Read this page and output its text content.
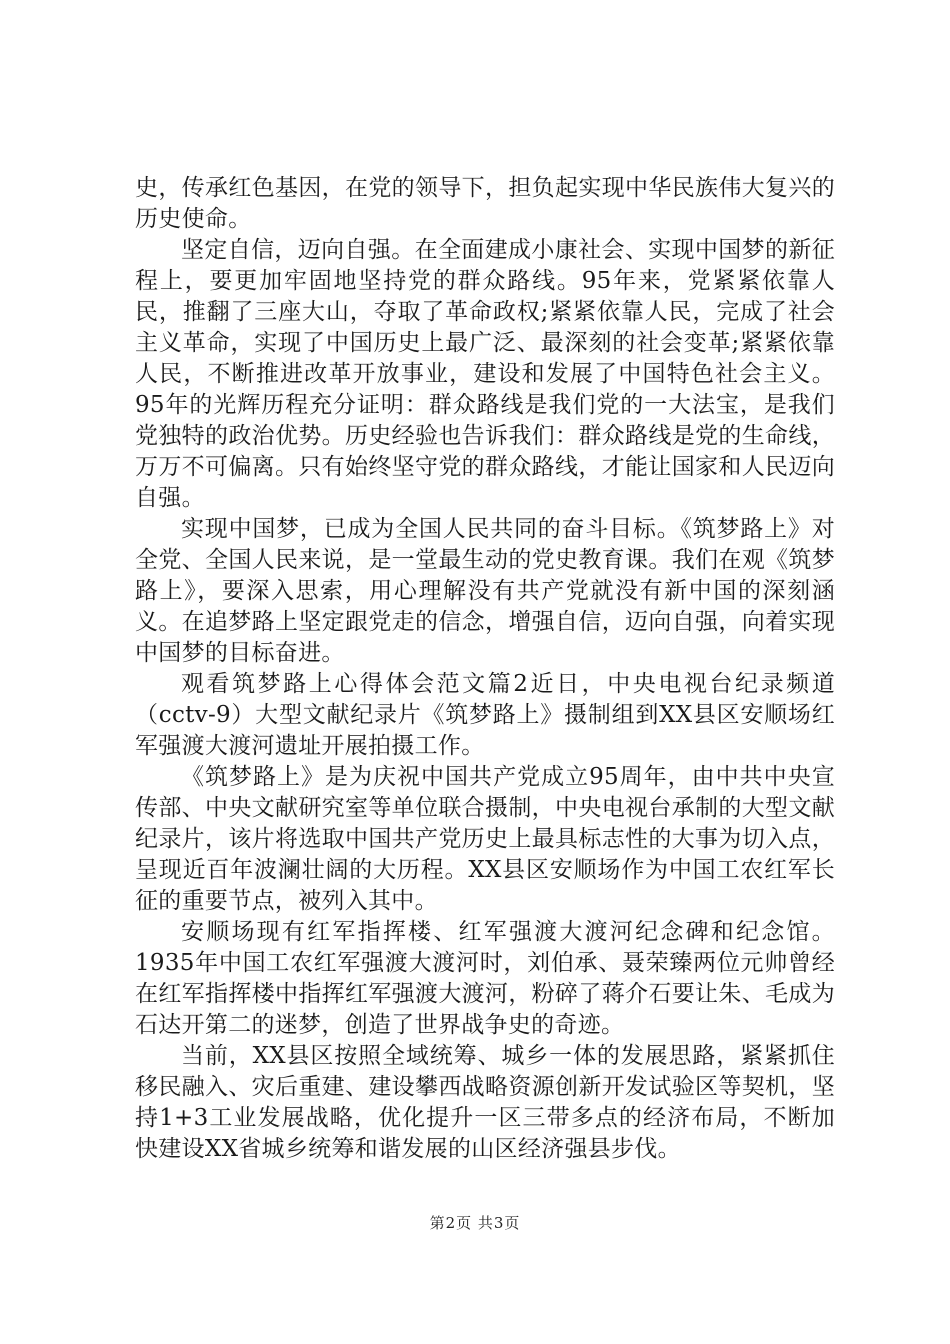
史，传承红色基因，在党的领导下，担负起实现中华民族伟大复兴的历史使命。

坚定自信，迈向自强。在全面建成小康社会、实现中国梦的新征程上，要更加牢固地坚持党的群众路线。95年来，党紧紧依靠人民，推翻了三座大山，夺取了革命政权;紧紧依靠人民，完成了社会主义革命，实现了中国历史上最广泛、最深刻的社会变革;紧紧依靠人民，不断推进改革开放事业，建设和发展了中国特色社会主义。95年的光辉历程充分证明：群众路线是我们党的一大法宝，是我们党独特的政治优势。历史经验也告诉我们：群众路线是党的生命线，万万不可偏离。只有始终坚守党的群众路线，才能让国家和人民迈向自强。

实现中国梦，已成为全国人民共同的奋斗目标。《筑梦路上》对全党、全国人民来说，是一堂最生动的党史教育课。我们在观《筑梦路上》，要深入思索，用心理解没有共产党就没有新中国的深刻涵义。在追梦路上坚定跟党走的信念，增强自信，迈向自强，向着实现中国梦的目标奋进。

观看筑梦路上心得体会范文篇2近日，中央电视台纪录频道（cctv-9）大型文献纪录片《筑梦路上》摄制组到XX县区安顺场红军强渡大渡河遗址开展拍摄工作。

《筑梦路上》是为庆祝中国共产党成立95周年，由中共中央宣传部、中央文献研究室等单位联合摄制，中央电视台承制的大型文献纪录片，该片将选取中国共产党历史上最具标志性的大事为切入点，呈现近百年波澜壮阔的大历程。XX县区安顺场作为中国工农红军长征的重要节点，被列入其中。

安顺场现有红军指挥楼、红军强渡大渡河纪念碑和纪念馆。1935年中国工农红军强渡大渡河时，刘伯承、聂荣臻两位元帅曾经在红军指挥楼中指挥红军强渡大渡河，粉碎了蒋介石要让朱、毛成为石达开第二的迷梦，创造了世界战争史的奇迹。

当前，XX县区按照全域统筹、城乡一体的发展思路，紧紧抓住移民融入、灾后重建、建设攀西战略资源创新开发试验区等契机，坚持1+3工业发展战略，优化提升一区三带多点的经济布局，不断加快建设XX省城乡统筹和谐发展的山区经济强县步伐。

第2页 共3页
